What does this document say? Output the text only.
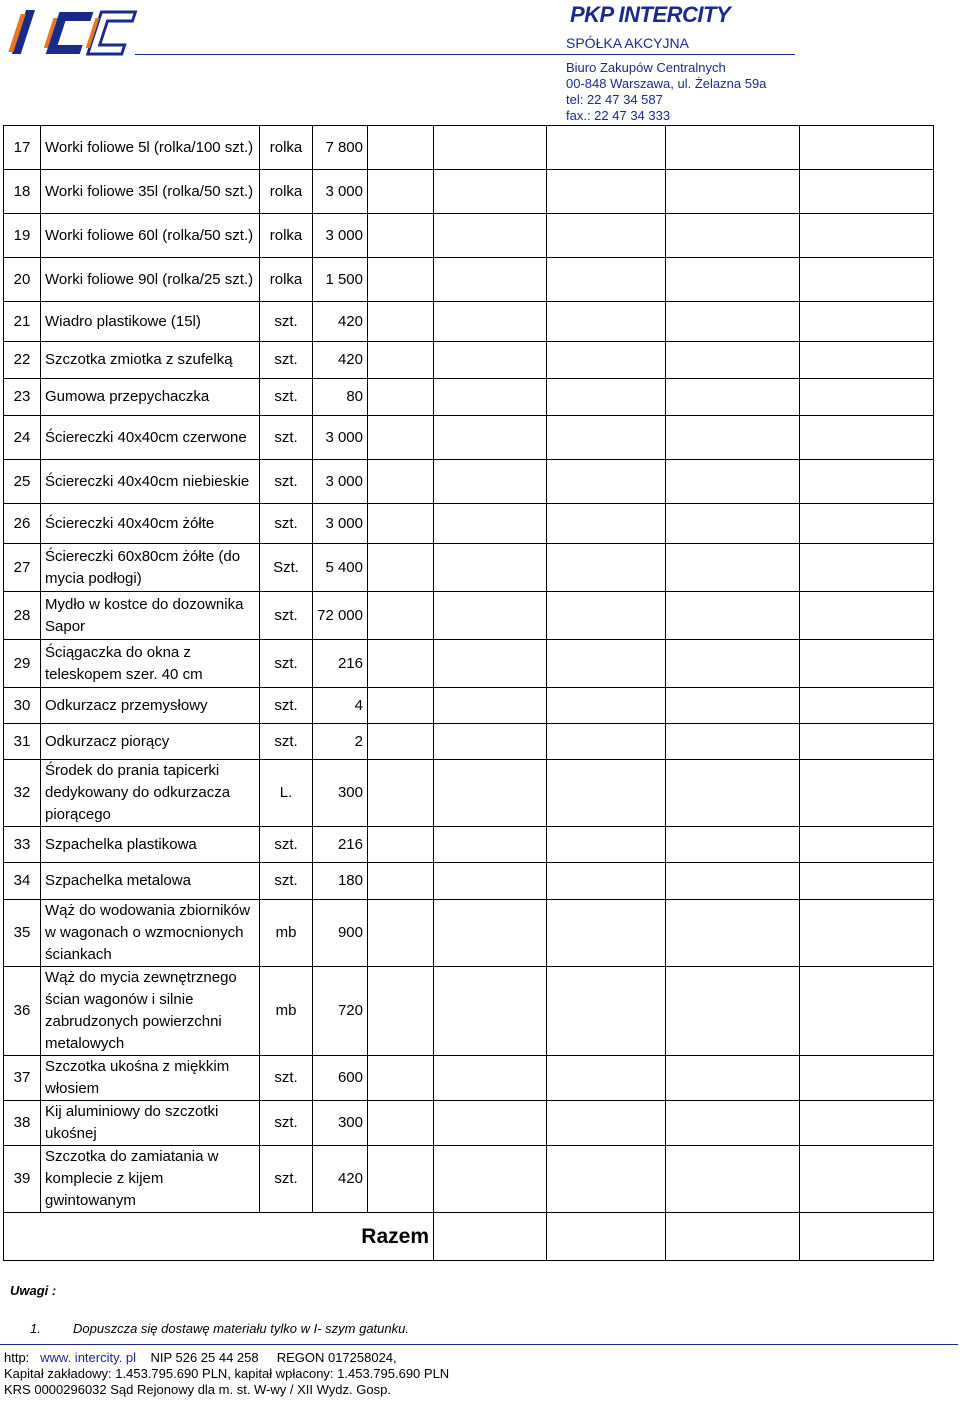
PKP INTERCITY
SPÓŁKA AKCYJNA
Biuro Zakupów Centralnych
00-848 Warszawa, ul. Żelazna 59a
tel: 22 47 34 587
fax.: 22 47 34 333
17	Worki foliowe 5l (rolka/100 szt.)	rolka	7 800					
18	Worki foliowe 35l (rolka/50 szt.)	rolka	3 000					
19	Worki foliowe 60l (rolka/50 szt.)	rolka	3 000					
20	Worki foliowe 90l (rolka/25 szt.)	rolka	1 500					
21	Wiadro plastikowe (15l)	szt.	420					
22	Szczotka zmiotka z szufelką	szt.	420					
23	Gumowa przepychaczka	szt.	80					
24	Ściereczki 40x40cm czerwone	szt.	3 000					
25	Ściereczki 40x40cm niebieskie	szt.	3 000					
26	Ściereczki 40x40cm żółte	szt.	3 000					
27	Ściereczki 60x80cm żółte (do mycia podłogi)	Szt.	5 400					
28	Mydło w kostce do dozownika Sapor	szt.	72 000					
29	Ściągaczka do okna z teleskopem szer. 40 cm	szt.	216					
30	Odkurzacz przemysłowy	szt.	4					
31	Odkurzacz piorący	szt.	2					
32	Środek do prania tapicerki dedykowany do odkurzacza piorącego	L.	300					
33	Szpachelka plastikowa	szt.	216					
34	Szpachelka metalowa	szt.	180					
35	Wąż do wodowania zbiorników w wagonach o wzmocnionych ściankach	mb	900					
36	Wąż do mycia zewnętrznego ścian wagonów i silnie zabrudzonych powierzchni metalowych	mb	720					
37	Szczotka ukośna z miękkim włosiem	szt.	600					
38	Kij aluminiowy do szczotki ukośnej	szt.	300					
39	Szczotka do zamiatania w komplecie z kijem gwintowanym	szt.	420					
Razem								
Uwagi :
1. Dopuszcza się dostawę materiału tylko w I- szym gatunku.
http: www. intercity. pl NIP 526 25 44 258 REGON 017258024,
Kapitał zakładowy: 1.453.795.690 PLN, kapitał wpłacony: 1.453.795.690 PLN
KRS 0000296032 Sąd Rejonowy dla m. st. W-wy / XII Wydz. Gosp.
